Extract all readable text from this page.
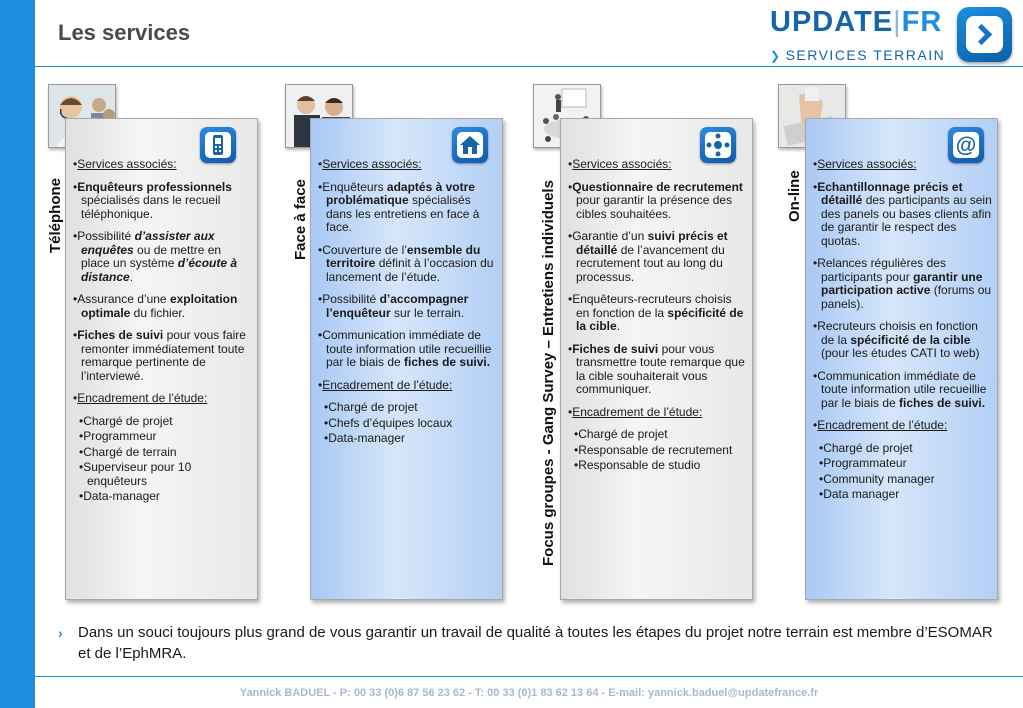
Les services	UPDATE|FR
❯ SERVICES TERRAIN

• Services associés:

• Enquêteurs professionnels spécialisés dans le recueil téléphonique.

• Possibilité d’assister aux enquêtes ou de mettre en place un système d’écoute à distance.

• Assurance d’une exploitation optimale du fichier.

• Fiches de suivi pour vous faire remonter immédiatement toute remarque pertinente de l’interviewé.

• Encadrement de l’étude:

• Chargé de projet
• Programmeur
• Chargé de terrain
• Superviseur pour 10 enquêteurs
• Data-manager

• Services associés:

• Enquêteurs adaptés à votre problématique spécialisés dans les entretiens en face à face.

• Couverture de l’ensemble du territoire définit à l’occasion du lancement de l’étude.

• Possibilité d’accompagner l’enquêteur sur le terrain.

• Communication immédiate de toute information utile recueillie par le biais de fiches de suivi.

• Encadrement de l’étude:

• Chargé de projet
• Chefs d’équipes locaux
• Data-manager

• Services associés:

• Questionnaire de recrutement pour garantir la présence des cibles souhaitées.

• Garantie d’un suivi précis et détaillé de l’avancement du recrutement tout au long du processus.

• Enquêteurs-recruteurs choisis en fonction de la spécificité de la cible.

• Fiches de suivi pour vous transmettre toute remarque que la cible souhaiterait vous communiquer.

• Encadrement de l’étude:

• Chargé de projet
• Responsable de recrutement
• Responsable de studio

• Services associés:

• Echantillonnage précis et détaillé des participants au sein des panels ou bases clients afin de garantir le respect des quotas.

• Relances régulières des participants pour garantir une participation active (forums ou panels).

• Recruteurs choisis en fonction de la spécificité de la cible (pour les études CATI to web)

• Communication immédiate de toute information utile recueillie par le biais de fiches de suivi.

• Encadrement de l’étude:

• Chargé de projet
• Programmateur
• Community manager
• Data manager
@
Téléphone	Face à face	Focus groupes - Gang Survey – Entretiens individuels	On-line
› Dans un souci toujours plus grand de vous garantir un travail de qualité à toutes les étapes du projet notre terrain est membre d’ESOMAR et de l’EphMRA.
Yannick BADUEL - P: 00 33 (0)6 87 56 23 62 - T: 00 33 (0)1 83 62 13 64 - E-mail: yannick.baduel@updatefrance.fr
